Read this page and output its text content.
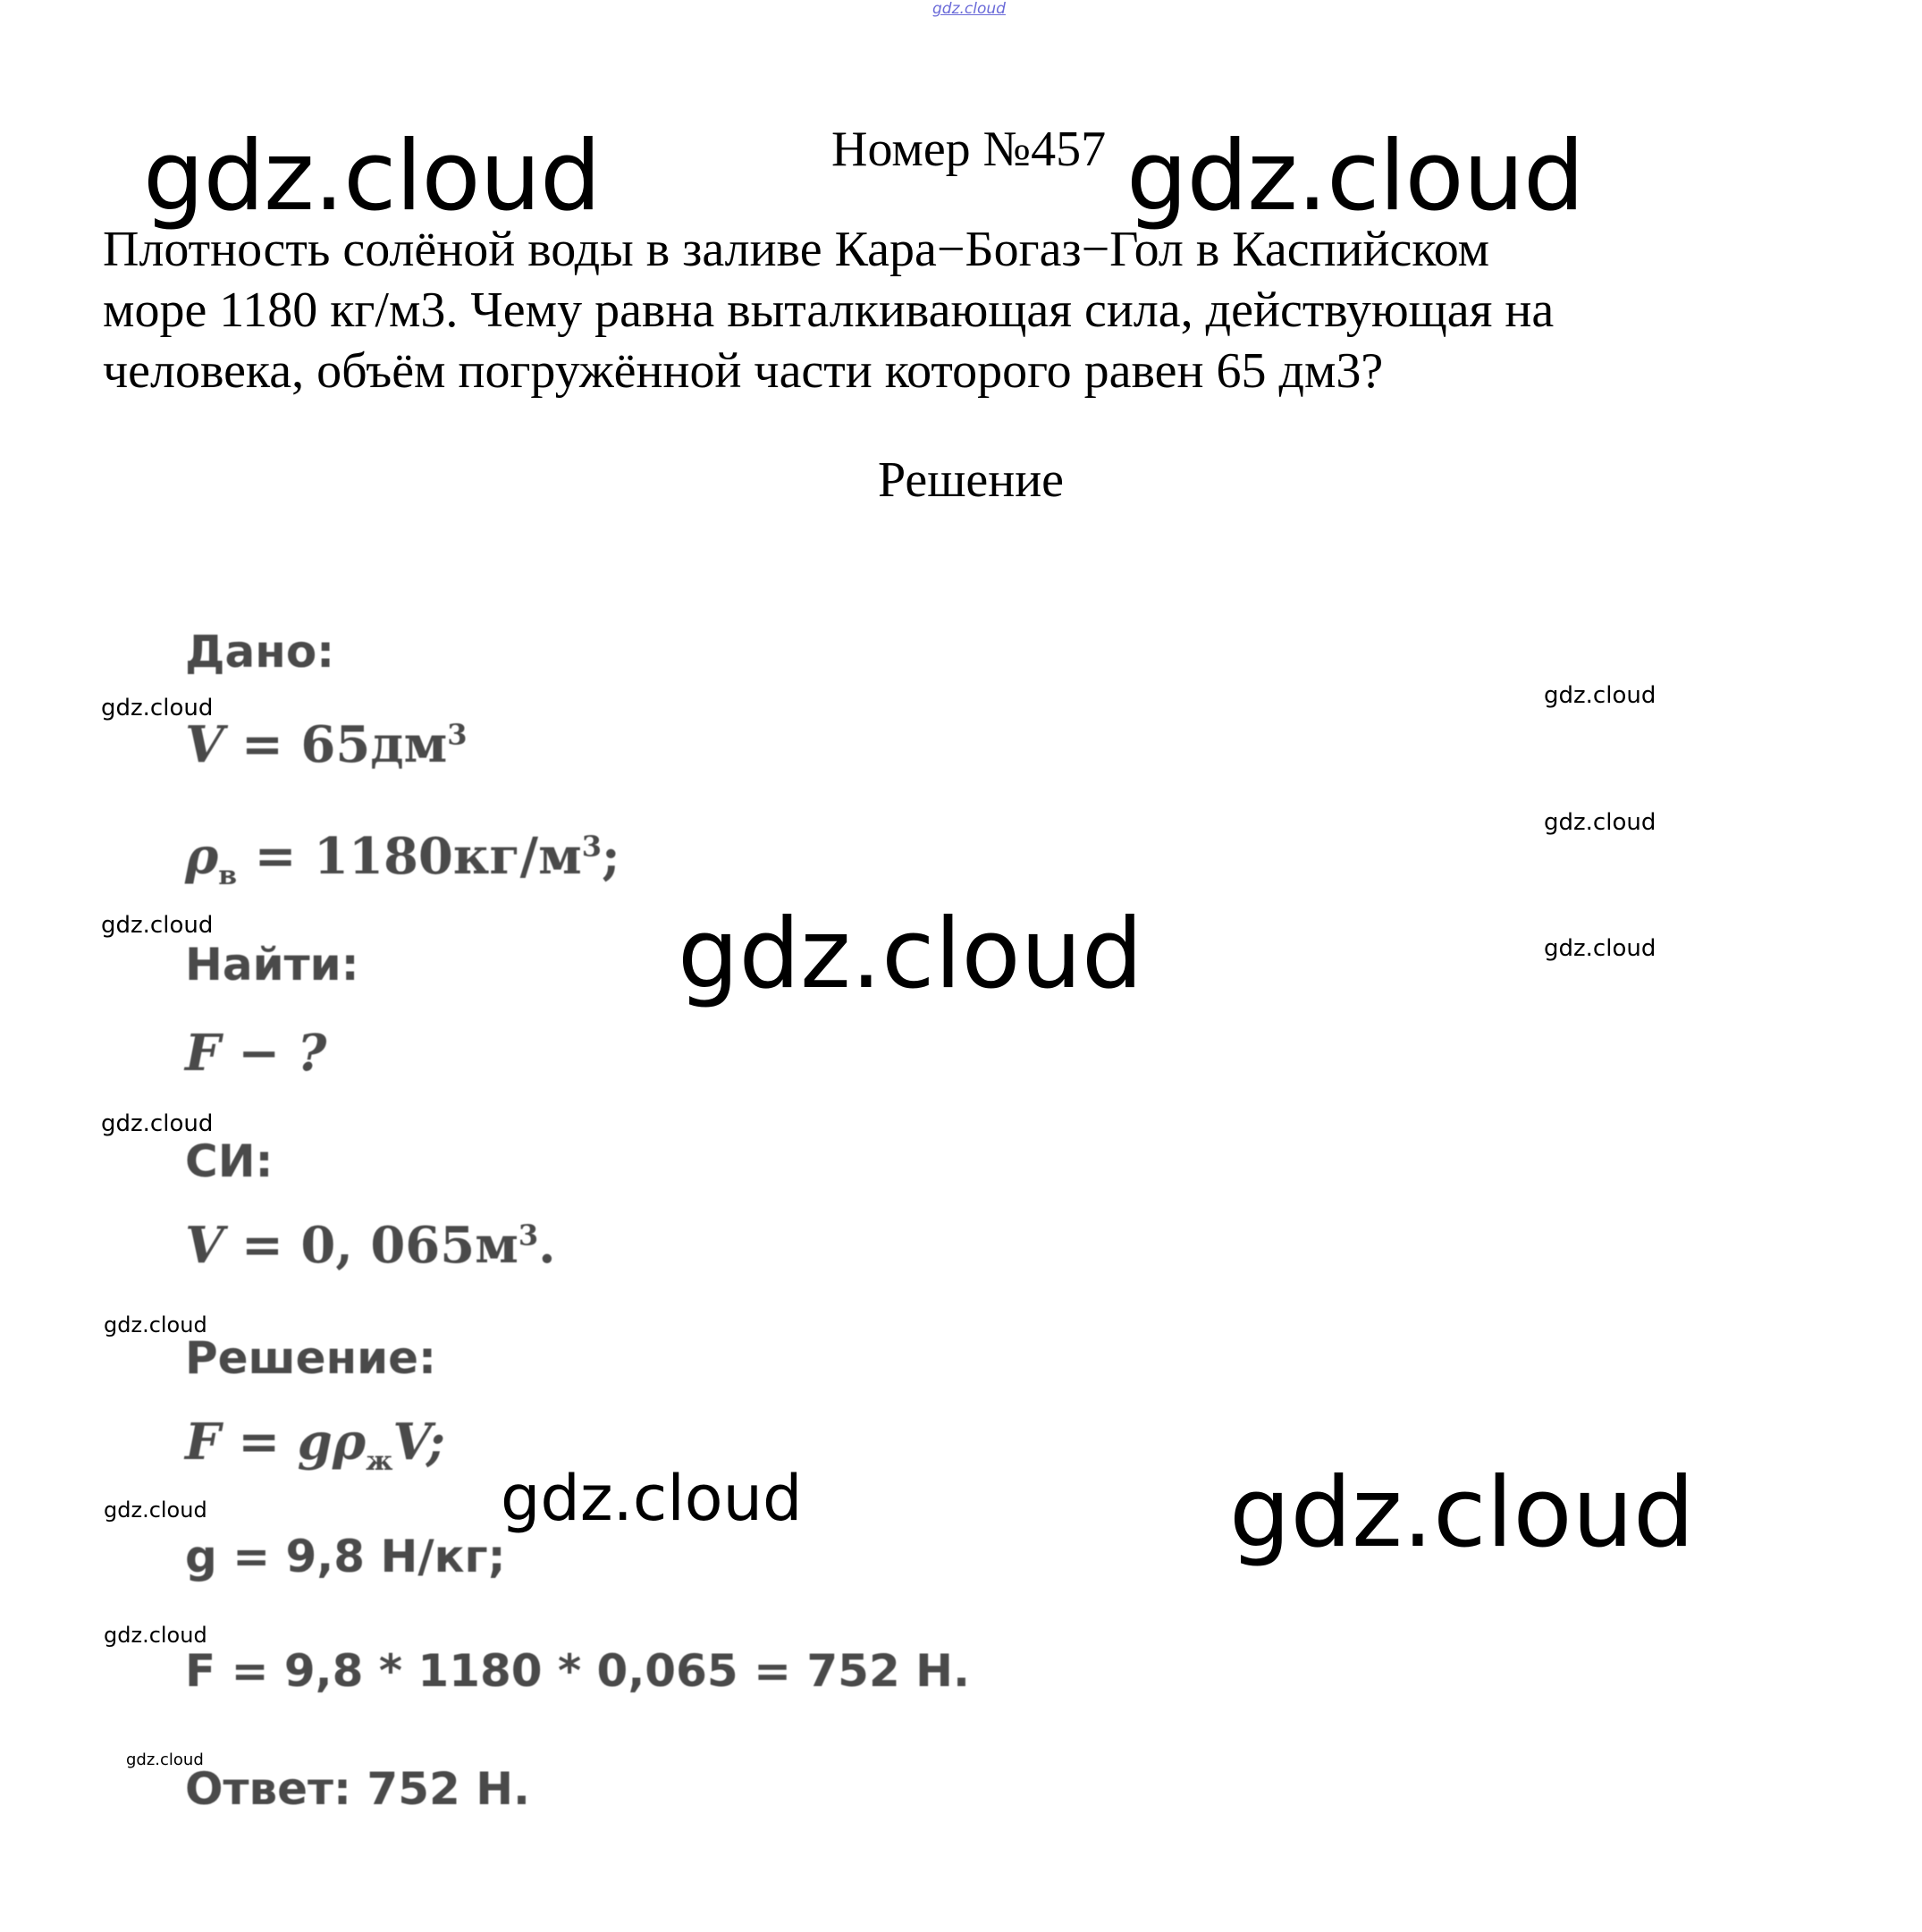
gdz.cloud
gdz.cloud	Номер №457 gdz.cloud
Плотность солёной воды в заливе Кара−Богаз−Гол в Каспийском
море 1180 кг/м3. Чему равна выталкивающая сила, действующая на
человека, объём погружённой части которого равен 65 дм3?
Решение
Дано:
gdz.cloud
$V = 65дм^3$
gdz.cloud
gdz.cloud
gdz.cloud
$\rho_в = 1180кг/м^3$;
gdz.cloud
Найти:	gdz.cloud
F − ?
gdz.cloud
СИ:
V = 0, $065м^3$.
gdz.cloud
Решение:
$F = g\rho_жV$;
gdz.cloud	gdz.cloud
gdz.cloud
g = 9,8 Н/кг;
gdz.cloud
F = 9,8 * 1180 * 0,065 = 752 Н.
gdz.cloud
Ответ: 752 Н.
